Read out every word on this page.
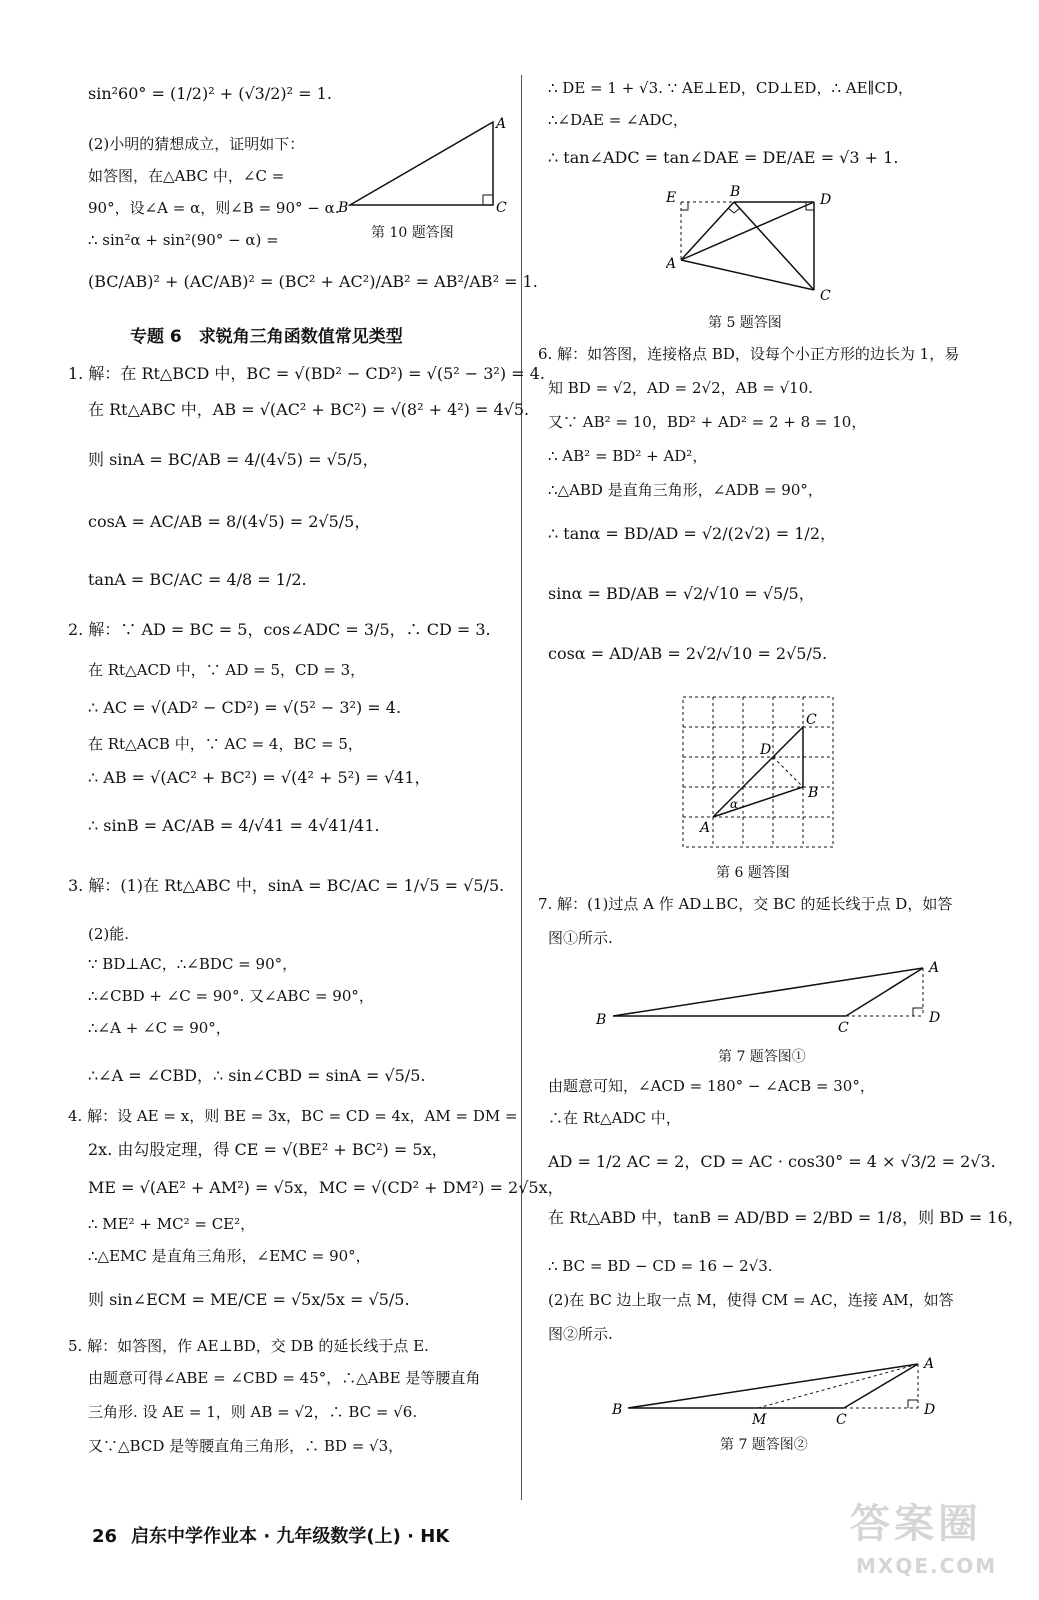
sin²60° = (1/2)² + (√3/2)² = 1.
(2)小明的猜想成立，证明如下：
如答图，在△ABC 中，∠C =
90°，设∠A = α，则∠B = 90° − α.
∴ sin²α + sin²(90° − α) =
(BC/AB)² + (AC/AB)² = (BC² + AC²)/AB² = AB²/AB² = 1.
A
B	C
第 10 题答图
专题 6　求锐角三角函数值常见类型
1. 解：在 Rt△BCD 中，BC = √(BD² − CD²) = √(5² − 3²) = 4.
在 Rt△ABC 中，AB = √(AC² + BC²) = √(8² + 4²) = 4√5.
则 sinA = BC/AB = 4/(4√5) = √5/5，
cosA = AC/AB = 8/(4√5) = 2√5/5，
tanA = BC/AC = 4/8 = 1/2.
2. 解：∵ AD = BC = 5，cos∠ADC = 3/5，∴ CD = 3.
在 Rt△ACD 中，∵ AD = 5，CD = 3，
∴ AC = √(AD² − CD²) = √(5² − 3²) = 4.
在 Rt△ACB 中，∵ AC = 4，BC = 5，
∴ AB = √(AC² + BC²) = √(4² + 5²) = √41，
∴ sinB = AC/AB = 4/√41 = 4√41/41.
3. 解：(1)在 Rt△ABC 中，sinA = BC/AC = 1/√5 = √5/5.
(2)能.
∵ BD⊥AC，∴∠BDC = 90°，
∴∠CBD + ∠C = 90°. 又∠ABC = 90°，
∴∠A + ∠C = 90°，
∴∠A = ∠CBD，∴ sin∠CBD = sinA = √5/5.
4. 解：设 AE = x，则 BE = 3x，BC = CD = 4x，AM = DM =
2x. 由勾股定理，得 CE = √(BE² + BC²) = 5x，
ME = √(AE² + AM²) = √5x，MC = √(CD² + DM²) = 2√5x，
∴ ME² + MC² = CE²，
∴△EMC 是直角三角形，∠EMC = 90°，
则 sin∠ECM = ME/CE = √5x/5x = √5/5.
5. 解：如答图，作 AE⊥BD，交 DB 的延长线于点 E.
由题意可得∠ABE = ∠CBD = 45°，∴△ABE 是等腰直角
三角形. 设 AE = 1，则 AB = √2，∴ BC = √6.
又∵△BCD 是等腰直角三角形，∴ BD = √3，
∴ DE = 1 + √3. ∵ AE⊥ED，CD⊥ED，∴ AE∥CD，
∴∠DAE = ∠ADC，
∴ tan∠ADC = tan∠DAE = DE/AE = √3 + 1.
E	B	D
A
C
第 5 题答图
6. 解：如答图，连接格点 BD，设每个小正方形的边长为 1，易
知 BD = √2，AD = 2√2，AB = √10.
又∵ AB² = 10，BD² + AD² = 2 + 8 = 10，
∴ AB² = BD² + AD²，
∴△ABD 是直角三角形，∠ADB = 90°，
∴ tanα = BD/AD = √2/(2√2) = 1/2，
sinα = BD/AB = √2/√10 = √5/5，
cosα = AD/AB = 2√2/√10 = 2√5/5.
A
B
C
D
α
第 6 题答图
7. 解：(1)过点 A 作 AD⊥BC，交 BC 的延长线于点 D，如答
图①所示.
B	C
A
D
第 7 题答图①
由题意可知，∠ACD = 180° − ∠ACB = 30°，
∴在 Rt△ADC 中，
AD = 1/2 AC = 2，CD = AC · cos30° = 4 × √3/2 = 2√3.
在 Rt△ABD 中，tanB = AD/BD = 2/BD = 1/8，则 BD = 16，
∴ BC = BD − CD = 16 − 2√3.
(2)在 BC 边上取一点 M，使得 CM = AC，连接 AM，如答
图②所示.
B
M	C
A
D
第 7 题答图②
26 启东中学作业本 · 九年级数学(上) · HK	答案圈
MXQE.COM
